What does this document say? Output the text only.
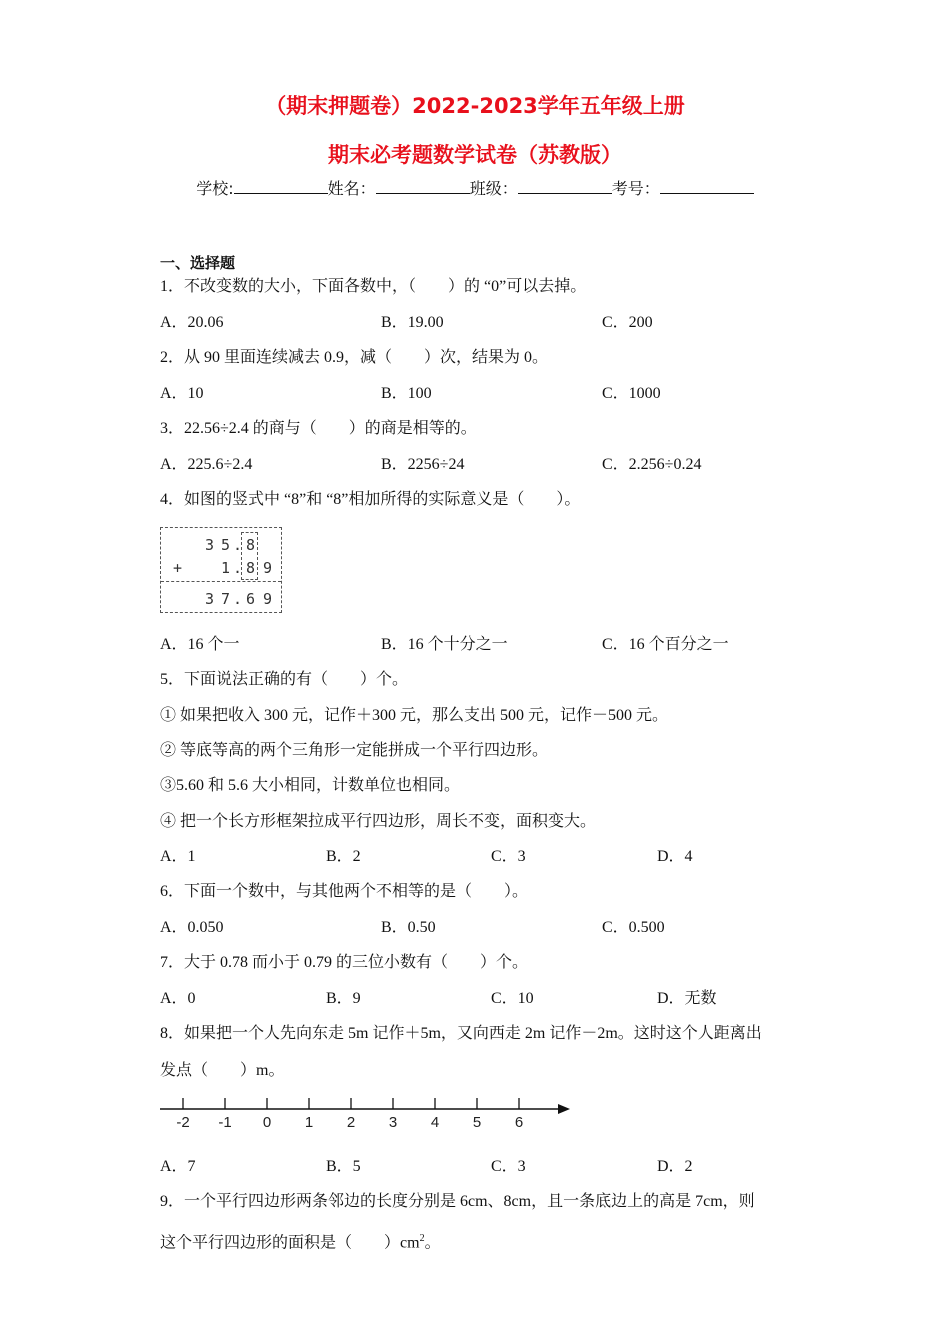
（期末押题卷）2022-2023学年五年级上册
期末必考题数学试卷（苏教版）
学校:	姓名：	班级：	考号：
一、选择题
1．不改变数的大小，下面各数中，（　　）的 “0”可以去掉。
A．20.06	B．19.00	C．200
2．从 90 里面连续减去 0.9，减（　　）次，结果为 0。
A．10	B．100	C．1000
3．22.56÷2.4 的商与（　　）的商是相等的。
A．225.6÷2.4	B．2256÷24	C．2.256÷0.24
4．如图的竖式中 “8”和 “8”相加所得的实际意义是（　　）。
3 5 . 8
+	1 . 8 9
3 7 . 6 9
A．16 个一	B．16 个十分之一	C．16 个百分之一
5．下面说法正确的有（　　）个。
① 如果把收入 300 元，记作＋300 元，那么支出 500 元，记作－500 元。
② 等底等高的两个三角形一定能拼成一个平行四边形。
③5.60 和 5.6 大小相同，计数单位也相同。
④ 把一个长方形框架拉成平行四边形，周长不变，面积变大。
A．1	B．2	C．3	D．4
6．下面一个数中，与其他两个不相等的是（　　）。
A．0.050	B．0.50	C．0.500
7．大于 0.78 而小于 0.79 的三位小数有（　　）个。
A．0	B．9	C．10	D．无数
8．如果把一个人先向东走 5m 记作＋5m，又向西走 2m 记作－2m。这时这个人距离出
发点（　　）m。
-2 -1 0 1 2 3 4 5 6
A．7	B．5	C．3	D．2
9．一个平行四边形两条邻边的长度分别是 6cm、8cm，且一条底边上的高是 7cm，则
这个平行四边形的面积是（　　）$cm^2$。
